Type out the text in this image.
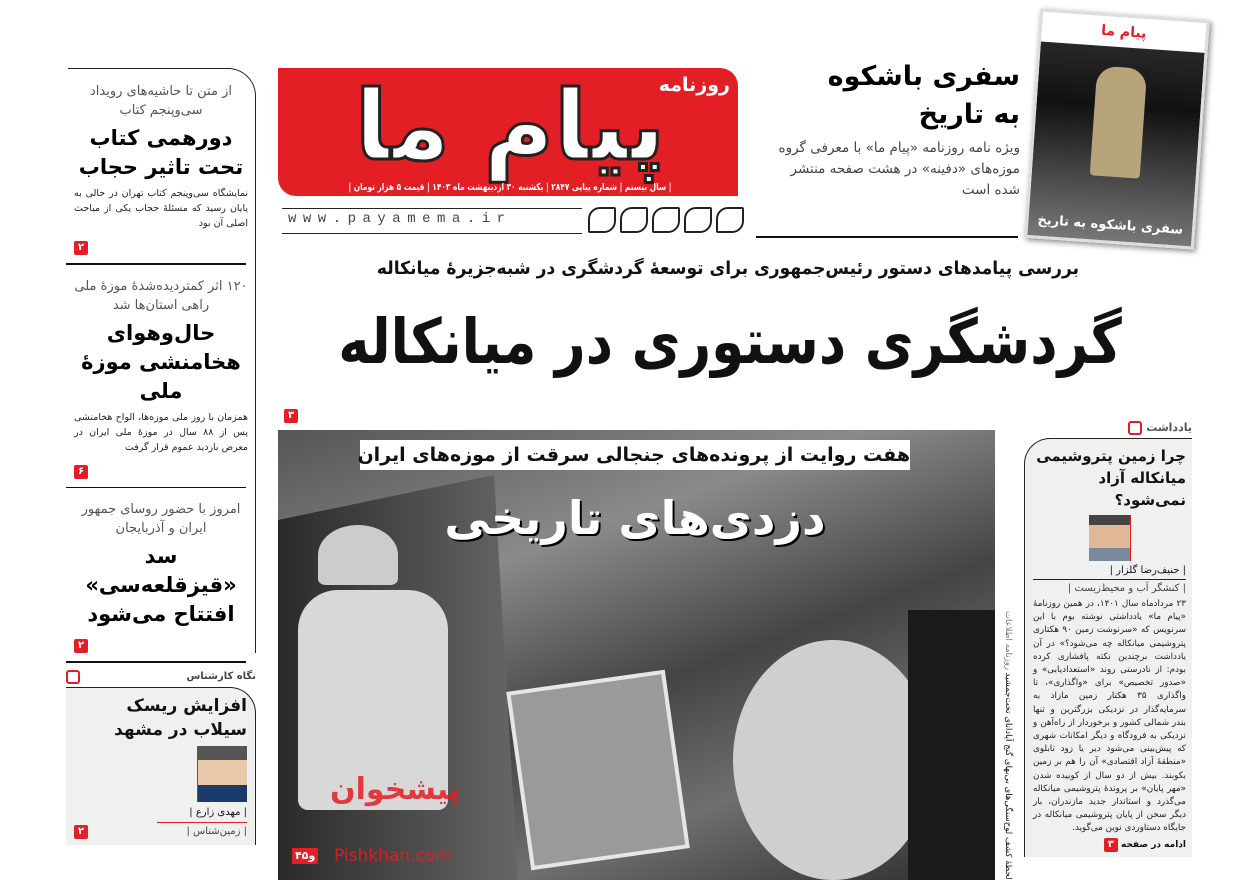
پیام ما
روزنامه
| سال بیستم | شماره پیاپی ۲۸۴۷ | یکشنبه ۳۰ اردیبهشت ماه ۱۴۰۳ | قیمت ۵ هزار تومان |
www.payamema.ir
سفری باشکوه به تاریخ
ویژه نامه روزنامه «پیام ما» با معرفی گروه موزه‌های «دفینه» در هشت صفحه منتشر شده است
پیام ما
سفری باشکوه به تاریخ
بررسی پیامدهای دستور رئیس‌جمهوری برای توسعهٔ گردشگری در شبه‌جزیرهٔ میانکاله
گردشگری دستوری در میانکاله
۳
هفت روایت از پرونده‌های جنجالی سرقت از موزه‌های ایران
دزدی‌های تاریخی
۴و۵
پیشخوان
Pishkhan.com	لحظهٔ کشف لوح‌سنگی‌های بی‌بهای گنج آپادانای تخت‌جمشید روزنامه اطلاعات
از متن تا حاشیه‌های رویداد سی‌وپنجم کتاب
دورهمی کتاب تحت تاثیر حجاب
نمایشگاه سی‌وپنجم کتاب تهران در حالی به پایان رسید که مسئلهٔ حجاب یکی از مباحث اصلی آن بود
۲
۱۲۰ اثر کمتردیده‌شدهٔ موزهٔ ملی راهی استان‌ها شد
حال‌وهوای هخامنشی موزهٔ ملی
همزمان با روز ملی موزه‌ها، الواح هخامنشی پس از ۸۸ سال در موزهٔ ملی ایران در معرض بازدید عموم قرار گرفت
۶
امروز با حضور روسای جمهور ایران و آذربایجان
سد «قیزقلعه‌سی» افتتاح می‌شود
۲
نگاه کارشناس
افزایش ریسک سیلاب در مشهد
| مهدی زارع |
| زمین‌شناس |
۲
یادداشت
چرا زمین پتروشیمی میانکاله آزاد نمی‌شود؟
| حنیف‌رضا گلزار |
| کنشگر آب و محیط‌زیست |
۲۳ مردادماه سال ۱۴۰۱، در همین روزنامهٔ «پیام ما» یادداشتی نوشته بوم با این سرنویس که «سرنوشت زمین ۹۰ هکتاری پتروشیمی میانکاله چه می‌شود؟» در آن یادداشت برچندین نکته پافشاری کرده بودم: از نادرستی روند «استعدادیابی» و «صدور تخصیص» برای «واگذاری»، تا واگذاری ۳۵ هکتار زمین مازاد به سرمایه‌گذار در نزدیکی بزرگترین و تنها بندر شمالی کشور و برخوردار از راه‌آهن و نزدیکی به فرودگاه و دیگر امکانات شهری که پیش‌بینی می‌شود دیر یا زود تابلوی «منطقهٔ آزاد اقتصادی» آن را هم بر زمین بکوبند. بیش از دو سال از کوبیده شدن «مهر پایان» بر پروندهٔ پتروشیمی میانکاله می‌گذرد و استاندار جدید مازندران، بار دیگر سخن از پایان پتروشیمی میانکاله در جایگاه دستاوردی نوین می‌گوید.
ادامه در صفحه ۳
